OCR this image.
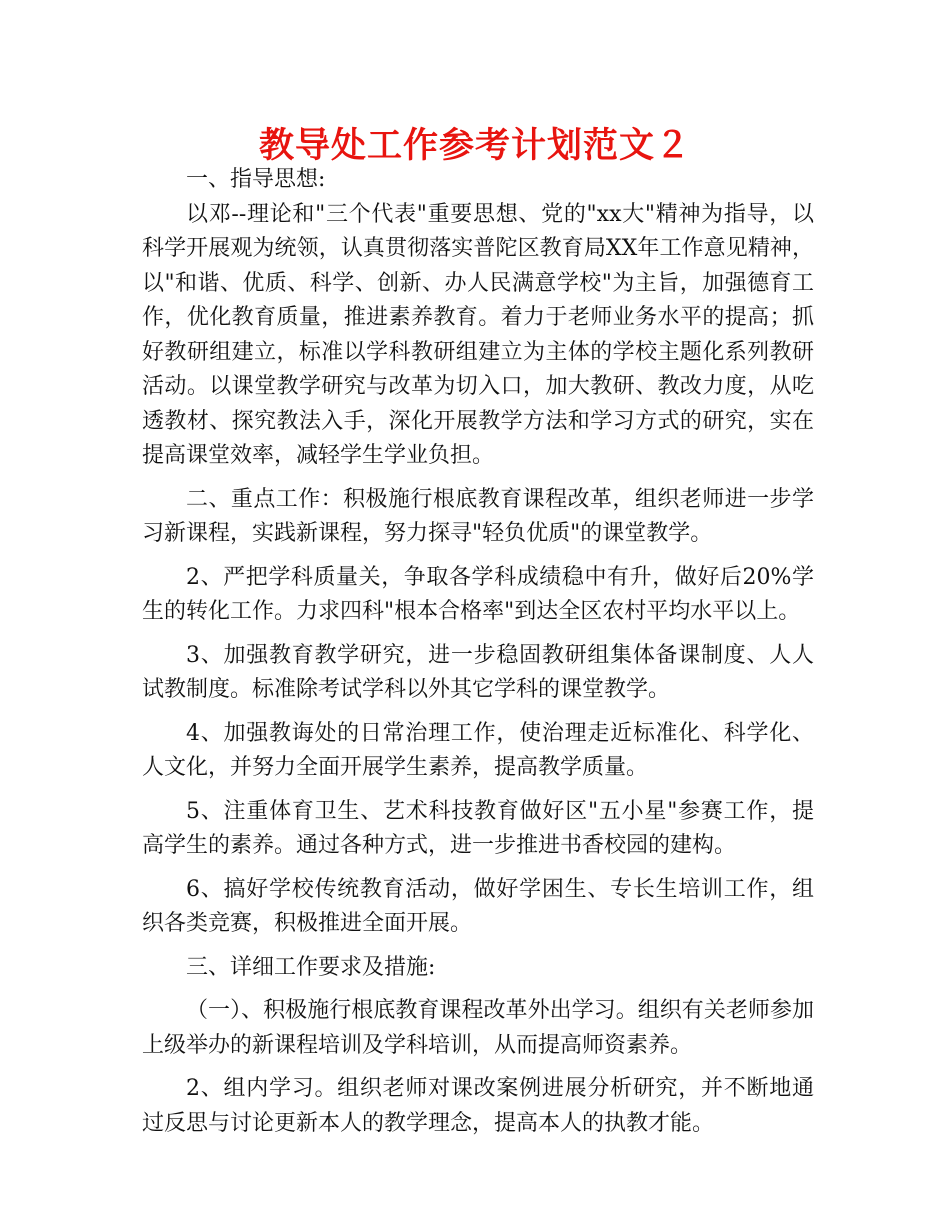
教导处工作参考计划范文２

一、指导思想:

以邓--理论和"三个代表"重要思想、党的"xx大"精神为指导，以科学开展观为统领，认真贯彻落实普陀区教育局XX年工作意见精神，以"和谐、优质、科学、创新、办人民满意学校"为主旨，加强德育工作，优化教育质量，推进素养教育。着力于老师业务水平的提高；抓好教研组建立，标准以学科教研组建立为主体的学校主题化系列教研活动。以课堂教学研究与改革为切入口，加大教研、教改力度，从吃透教材、探究教法入手，深化开展教学方法和学习方式的研究，实在提高课堂效率，减轻学生学业负担。

二、重点工作：积极施行根底教育课程改革，组织老师进一步学习新课程，实践新课程，努力探寻"轻负优质"的课堂教学。

2、严把学科质量关，争取各学科成绩稳中有升，做好后20%学生的转化工作。力求四科"根本合格率"到达全区农村平均水平以上。

3、加强教育教学研究，进一步稳固教研组集体备课制度、人人试教制度。标准除考试学科以外其它学科的课堂教学。

4、加强教诲处的日常治理工作，使治理走近标准化、科学化、人文化，并努力全面开展学生素养，提高教学质量。

5、注重体育卫生、艺术科技教育做好区"五小星"参赛工作，提高学生的素养。通过各种方式，进一步推进书香校园的建构。

6、搞好学校传统教育活动，做好学困生、专长生培训工作，组织各类竞赛，积极推进全面开展。

三、详细工作要求及措施:

（一）、积极施行根底教育课程改革外出学习。组织有关老师参加上级举办的新课程培训及学科培训，从而提高师资素养。

2、组内学习。组织老师对课改案例进展分析研究，并不断地通过反思与讨论更新本人的教学理念，提高本人的执教才能。
